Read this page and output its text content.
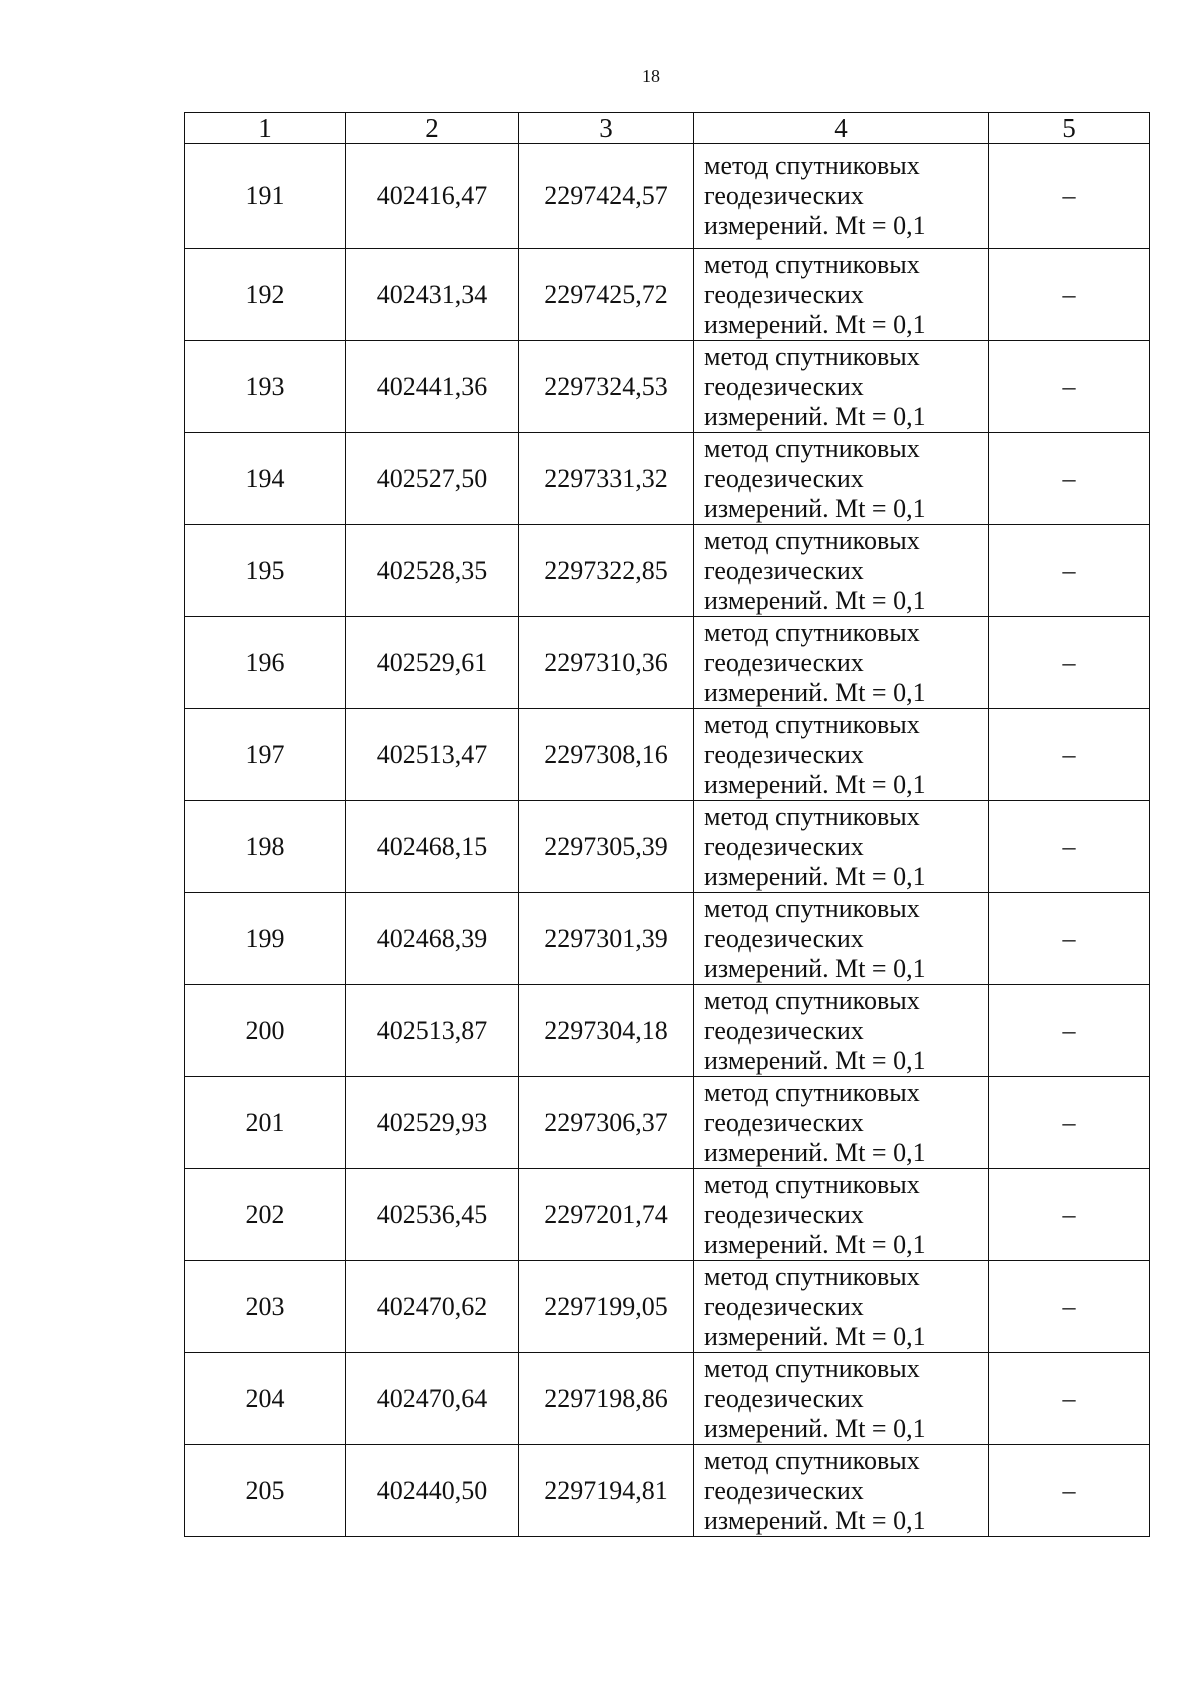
18
1	2	3	4	5
191	402416,47	2297424,57	метод спутниковых
геодезических
измерений. Mt = 0,1	–
192	402431,34	2297425,72	метод спутниковых
геодезических
измерений. Mt = 0,1	–
193	402441,36	2297324,53	метод спутниковых
геодезических
измерений. Mt = 0,1	–
194	402527,50	2297331,32	метод спутниковых
геодезических
измерений. Mt = 0,1	–
195	402528,35	2297322,85	метод спутниковых
геодезических
измерений. Mt = 0,1	–
196	402529,61	2297310,36	метод спутниковых
геодезических
измерений. Mt = 0,1	–
197	402513,47	2297308,16	метод спутниковых
геодезических
измерений. Mt = 0,1	–
198	402468,15	2297305,39	метод спутниковых
геодезических
измерений. Mt = 0,1	–
199	402468,39	2297301,39	метод спутниковых
геодезических
измерений. Mt = 0,1	–
200	402513,87	2297304,18	метод спутниковых
геодезических
измерений. Mt = 0,1	–
201	402529,93	2297306,37	метод спутниковых
геодезических
измерений. Mt = 0,1	–
202	402536,45	2297201,74	метод спутниковых
геодезических
измерений. Mt = 0,1	–
203	402470,62	2297199,05	метод спутниковых
геодезических
измерений. Mt = 0,1	–
204	402470,64	2297198,86	метод спутниковых
геодезических
измерений. Mt = 0,1	–
205	402440,50	2297194,81	метод спутниковых
геодезических
измерений. Mt = 0,1	–
